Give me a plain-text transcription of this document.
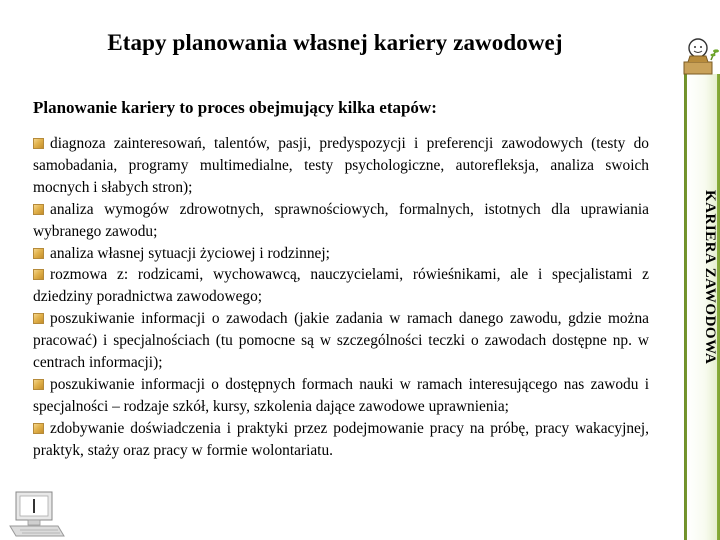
Etapy planowania własnej kariery zawodowej
Planowanie kariery to proces obejmujący kilka etapów:

diagnoza zainteresowań, talentów, pasji, predyspozycji i preferencji zawodowych (testy do samobadania, programy multimedialne, testy psychologiczne, autorefleksja, analiza swoich mocnych i słabych stron);

analiza wymogów zdrowotnych, sprawnościowych, formalnych, istotnych dla uprawiania wybranego zawodu;

analiza własnej sytuacji życiowej i rodzinnej;

rozmowa z: rodzicami, wychowawcą, nauczycielami, rówieśnikami, ale i specjalistami z dziedziny poradnictwa zawodowego;

poszukiwanie informacji o zawodach (jakie zadania w ramach danego zawodu, gdzie można pracować) i specjalnościach (tu pomocne są w szczególności teczki o zawodach dostępne np. w centrach informacji);

poszukiwanie informacji o dostępnych formach nauki w ramach interesującego nas zawodu i specjalności – rodzaje szkół, kursy, szkolenia dające zawodowe uprawnienia;

zdobywanie doświadczenia i praktyki przez podejmowanie pracy na próbę, pracy wakacyjnej, praktyk, staży oraz pracy w formie wolontariatu.

KARIERA ZAWODOWA
